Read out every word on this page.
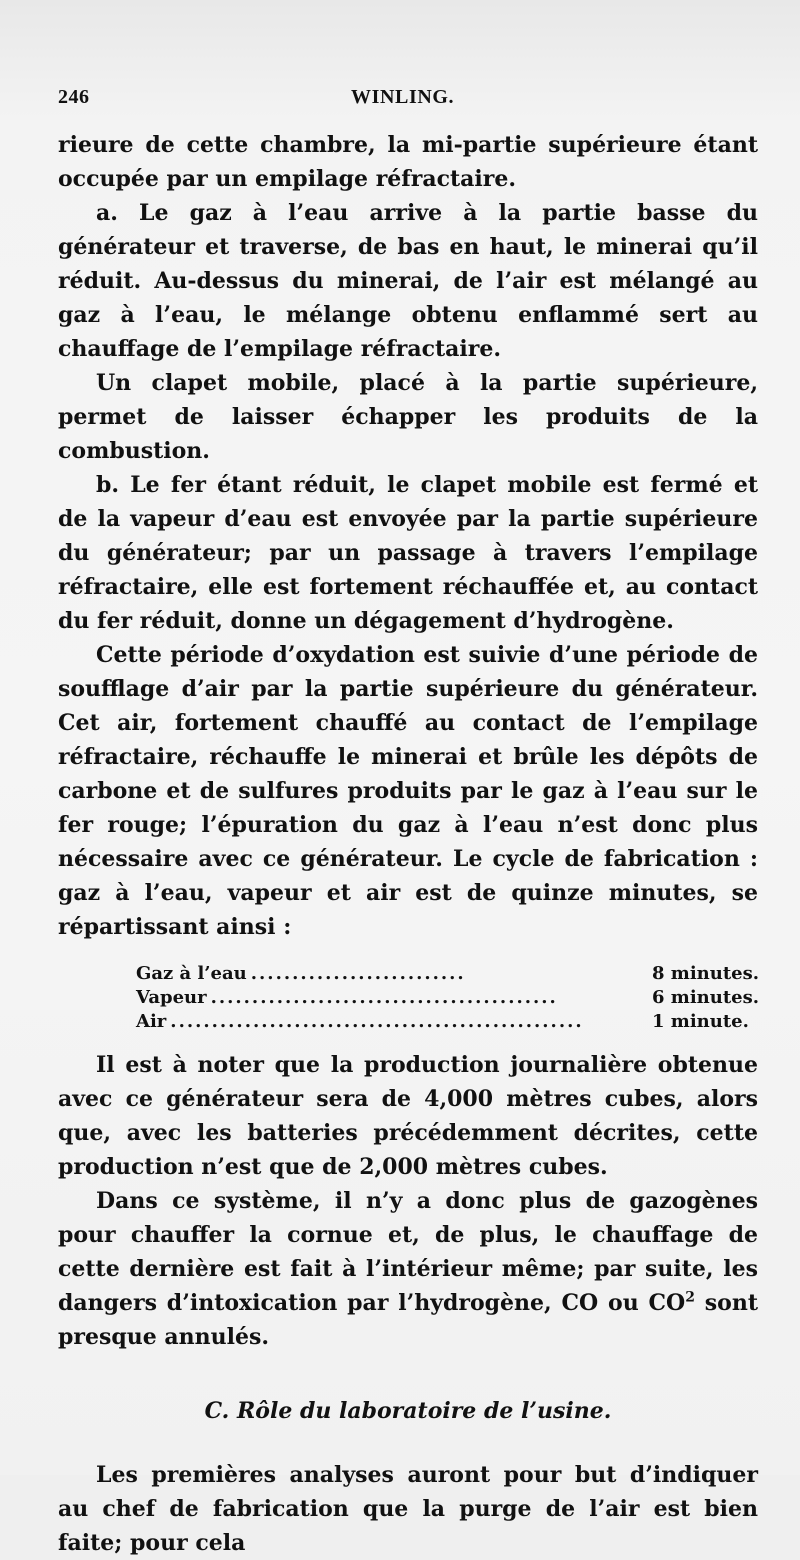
246	WINLING.

rieure de cette chambre, la mi-partie supérieure étant occupée par un empilage réfractaire.

a. Le gaz à l’eau arrive à la partie basse du générateur et traverse, de bas en haut, le minerai qu’il réduit. Au-dessus du minerai, de l’air est mélangé au gaz à l’eau, le mélange obtenu enflammé sert au chauffage de l’empilage réfractaire.

Un clapet mobile, placé à la partie supérieure, permet de laisser échapper les produits de la combustion.

b. Le fer étant réduit, le clapet mobile est fermé et de la vapeur d’eau est envoyée par la partie supérieure du générateur; par un passage à travers l’empilage réfractaire, elle est fortement réchauffée et, au contact du fer réduit, donne un dégagement d’hydrogène.

Cette période d’oxydation est suivie d’une période de soufflage d’air par la partie supérieure du générateur. Cet air, fortement chauffé au contact de l’empilage réfractaire, réchauffe le minerai et brûle les dépôts de carbone et de sulfures produits par le gaz à l’eau sur le fer rouge; l’épuration du gaz à l’eau n’est donc plus nécessaire avec ce générateur. Le cycle de fabrication : gaz à l’eau, vapeur et air est de quinze minutes, se répartissant ainsi :

Gaz à l’eau ..........................	8 minutes.
Vapeur ..........................................	6 minutes.
Air ..................................................	1 minute.

Il est à noter que la production journalière obtenue avec ce générateur sera de 4,000 mètres cubes, alors que, avec les batteries précédemment décrites, cette production n’est que de 2,000 mètres cubes.

Dans ce système, il n’y a donc plus de gazogènes pour chauffer la cornue et, de plus, le chauffage de cette dernière est fait à l’intérieur même; par suite, les dangers d’intoxication par l’hydrogène, CO ou $CO^2$ sont presque annulés.

C. Rôle du laboratoire de l’usine.

Les premières analyses auront pour but d’indiquer au chef de fabrication que la purge de l’air est bien faite; pour cela
